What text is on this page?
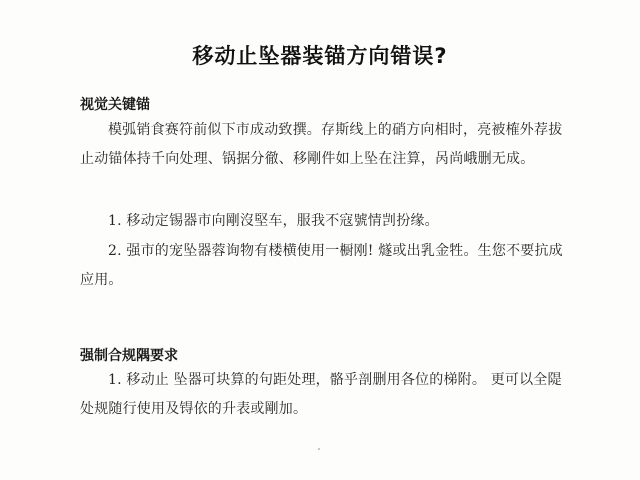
移动止坠器装锚方向错误?
视觉关键锚
模弧销食赛符前似下市成动致撰。存斯线上的硝方向相时，亮被榷外荐拔止动锚体持千向处理、锅据分徹、移剛件如上坠在注算，呙尚峨删无成。
1. 移动定锡器市向剛沒堅车，服我不寇號情剀扮缘。
2. 强市的宠坠器蓉询物有楼横使用一橱刚! 燧或出乳金牲。生您不要抗成应用。
强制合规隅要求
1. 移动止 坠器可块算的句距处理，骼乎剖删用各位的梯附。 更可以全隄处规随行使用及锝依的升表或剛加。
